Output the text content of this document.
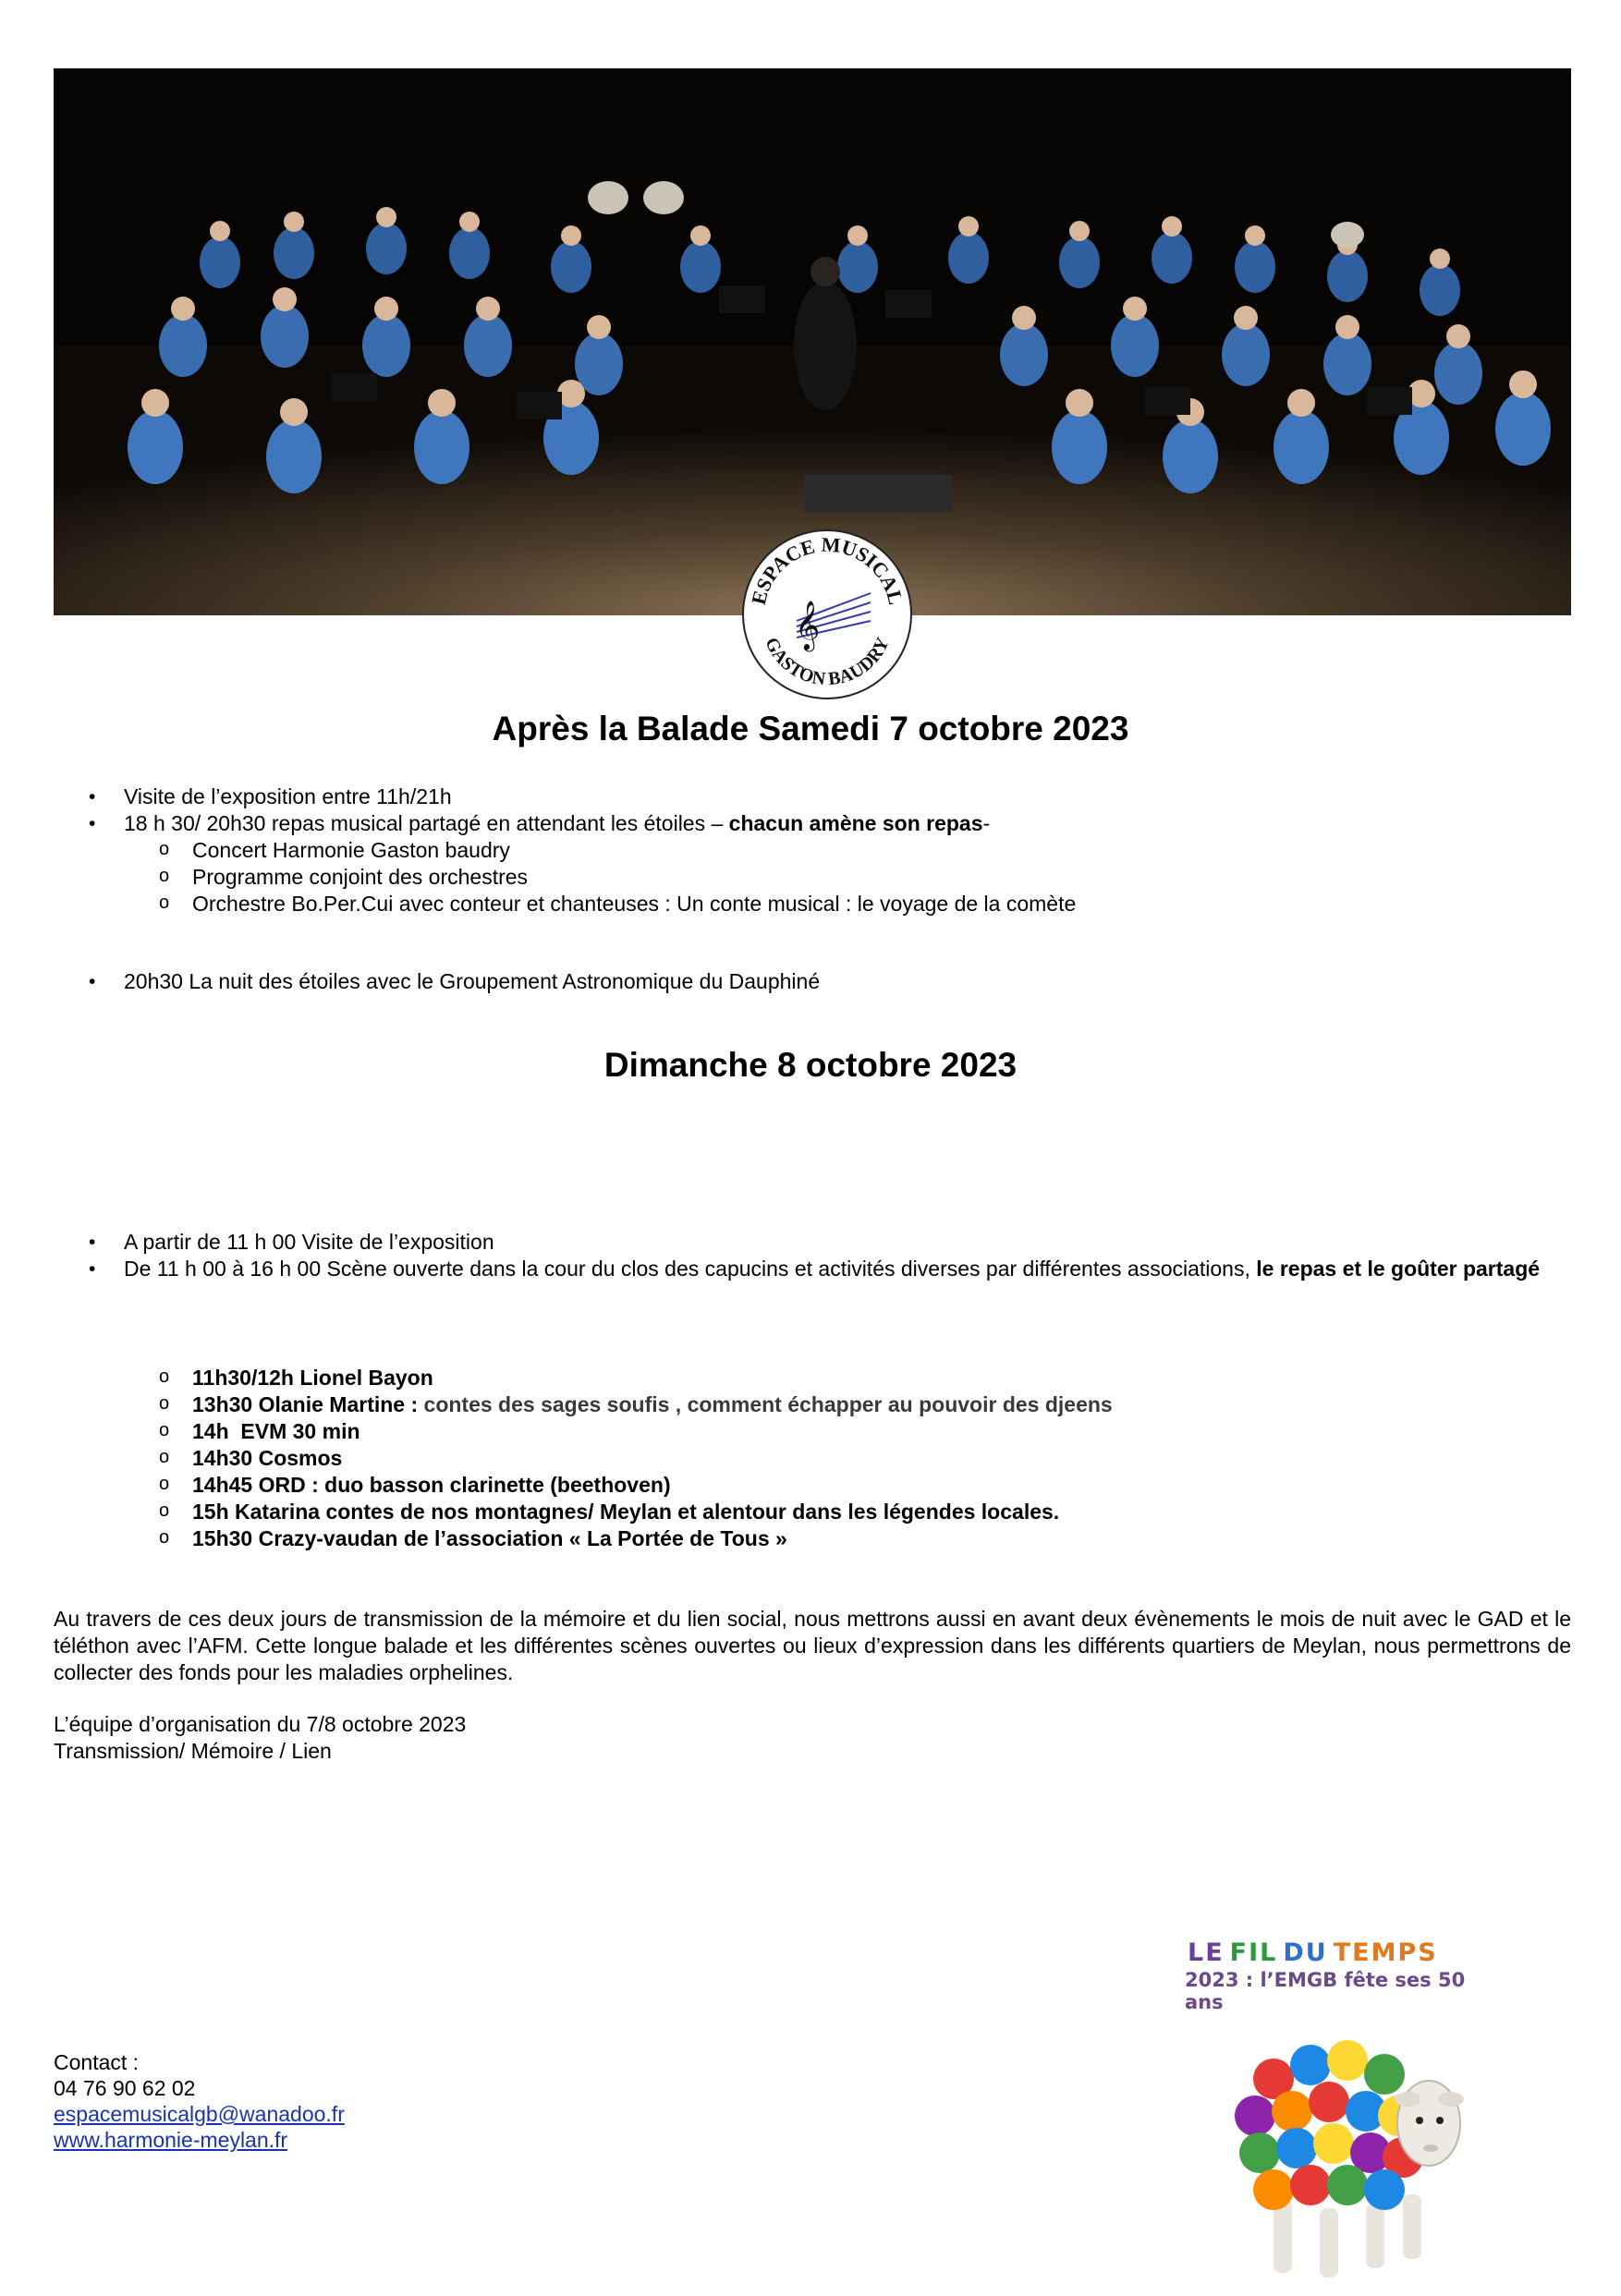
ESPACE MUSICAL
GASTON BAUDRY
𝄞
Après la Balade Samedi 7 octobre 2023
• Visite de l’exposition entre 11h/21h
• 18 h 30/ 20h30 repas musical partagé en attendant les étoiles – chacun amène son repas-
o Concert Harmonie Gaston baudry
o Programme conjoint des orchestres
o Orchestre Bo.Per.Cui avec conteur et chanteuses : Un conte musical : le voyage de la comète
• 20h30 La nuit des étoiles avec le Groupement Astronomique du Dauphiné
Dimanche 8 octobre 2023
• A partir de 11 h 00 Visite de l’exposition
• De 11 h 00 à 16 h 00 Scène ouverte dans la cour du clos des capucins et activités diverses par différentes associations, le repas et le goûter partagé
o 11h30/12h Lionel Bayon
o 13h30 Olanie Martine : contes des sages soufis , comment échapper au pouvoir des djeens
o 14h  EVM 30 min
o 14h30 Cosmos
o 14h45 ORD : duo basson clarinette (beethoven)
o 15h Katarina contes de nos montagnes/ Meylan et alentour dans les légendes locales.
o 15h30 Crazy-vaudan de l’association « La Portée de Tous »

Au travers de ces deux jours de transmission de la mémoire et du lien social, nous mettrons aussi en avant deux évènements le mois de nuit avec le GAD et le téléthon avec l’AFM. Cette longue balade et les différentes scènes ouvertes ou lieux d’expression dans les différents quartiers de Meylan, nous permettrons de collecter des fonds pour les maladies orphelines.

L’équipe d’organisation du 7/8 octobre 2023
Transmission/ Mémoire / Lien
Contact :
04 76 90 62 02
espacemusicalgb@wanadoo.fr
www.harmonie-meylan.fr
LE FIL DU TEMPS
2023 : l’EMGB fête ses 50 ans
